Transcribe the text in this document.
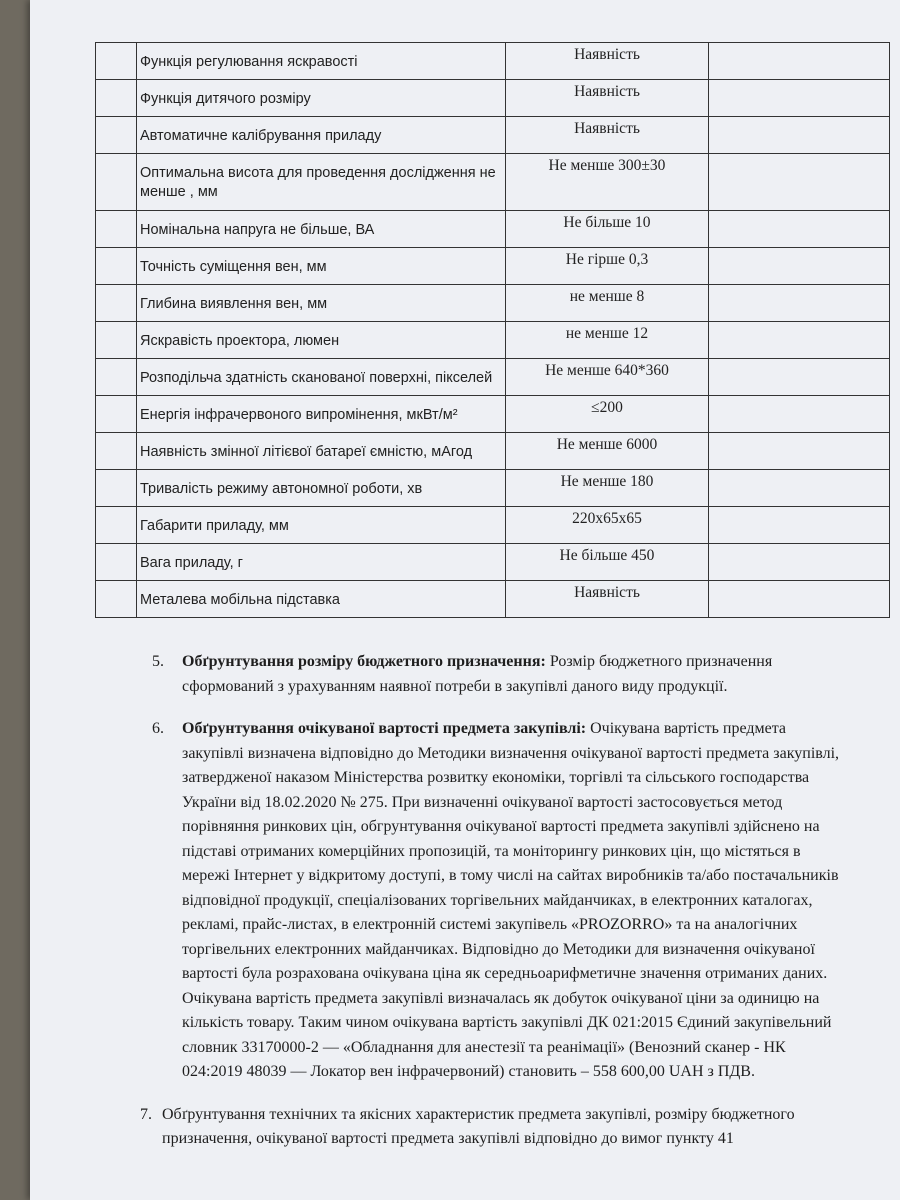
	Функція регулювання яскравості	Наявність	

	Функція дитячого розміру	Наявність	

	Автоматичне калібрування приладу	Наявність	

	Оптимальна висота для проведення дослідження не менше , мм	Не менше 300±30	

	Номінальна напруга не більше, ВА	Не більше 10	

	Точність суміщення вен, мм	Не гірше 0,3	

	Глибина виявлення вен, мм	не менше 8	

	Яскравість проектора, люмен	не менше 12	

	Розподільча здатність сканованої поверхні, пікселей	Не менше 640*360	

	Енергія інфрачервоного випромінення, мкВт/м²	≤200	

	Наявність змінної літієвої батареї ємністю, мАгод	Не менше 6000	

	Тривалість режиму автономної роботи, хв	Не менше 180	

	Габарити приладу, мм	220х65х65	

	Вага приладу, г	Не більше 450	

	Металева мобільна підставка	Наявність	
5. Обґрунтування розміру бюджетного призначення: Розмір бюджетного призначення сформований з урахуванням наявної потреби в закупівлі даного виду продукції.
6. Обґрунтування очікуваної вартості предмета закупівлі: Очікувана вартість предмета закупівлі визначена відповідно до Методики визначення очікуваної вартості предмета закупівлі, затвердженої наказом Міністерства розвитку економіки, торгівлі та сільського господарства України від 18.02.2020 № 275. При визначенні очікуваної вартості застосовується метод порівняння ринкових цін, обгрунтування очікуваної вартості предмета закупівлі здійснено на підставі отриманих комерційних пропозицій, та моніторингу ринкових цін, що містяться в мережі Інтернет у відкритому доступі, в тому числі на сайтах виробників та/або постачальників відповідної продукції, спеціалізованих торгівельних майданчиках, в електронних каталогах, рекламі, прайс-листах, в електронній системі закупівель «PROZORRO» та на аналогічних торгівельних електронних майданчиках. Відповідно до Методики для визначення очікуваної вартості була розрахована очікувана ціна як середньоарифметичне значення отриманих даних. Очікувана вартість предмета закупівлі визначалась як добуток очікуваної ціни за одиницю на кількість товару. Таким чином очікувана вартість закупівлі ДК 021:2015 Єдиний закупівельний словник 33170000-2 — «Обладнання для анестезії та реанімації» (Венозний сканер - НК 024:2019 48039 — Локатор вен інфрачервоний) становить – 558 600,00 UAH з ПДВ.
7. Обґрунтування технічних та якісних характеристик предмета закупівлі, розміру бюджетного призначення, очікуваної вартості предмета закупівлі відповідно до вимог пункту 41
